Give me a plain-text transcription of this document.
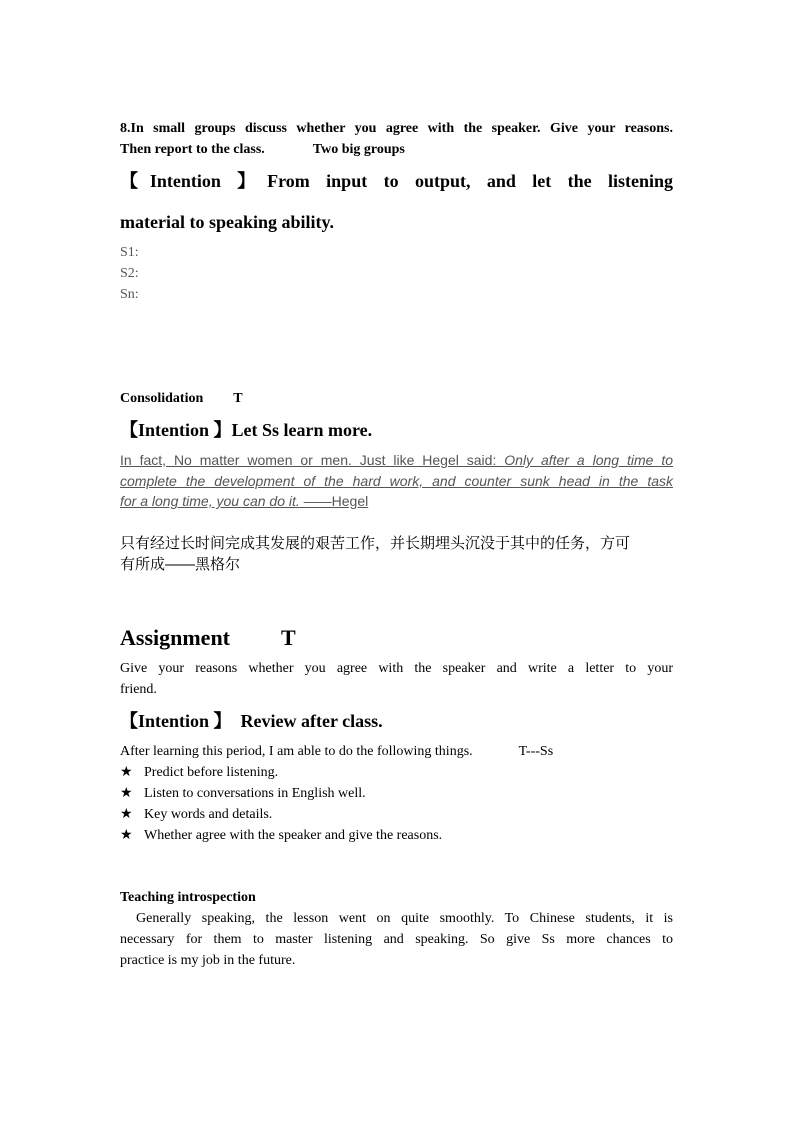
8.In small groups discuss whether you agree with the speaker. Give your reasons.

Then report to the class.	Two big groups

【Intention 】From input to output, and let the listening

material to speaking ability.

S1:
S2:
Sn:

Consolidation T

【Intention 】Let Ss learn more.

In fact, No matter women or men. Just like Hegel said: Only after a long time to
complete the development of the hard work, and counter sunk head in the task
for a long time, you can do it. ——Hegel
只有经过长时间完成其发展的艰苦工作，并长期埋头沉没于其中的任务，方可
有所成——黑格尔

Assignment T

Give your reasons whether you agree with the speaker and write a letter to your
friend.

【Intention 】 Review after class.

After learning this period, I am able to do the following things.	T---Ss

★ Predict before listening.
★ Listen to conversations in English well.
★ Key words and details.
★ Whether agree with the speaker and give the reasons.

Teaching introspection

Generally speaking, the lesson went on quite smoothly. To Chinese students, it is
necessary for them to master listening and speaking. So give Ss more chances to
practice is my job in the future.
